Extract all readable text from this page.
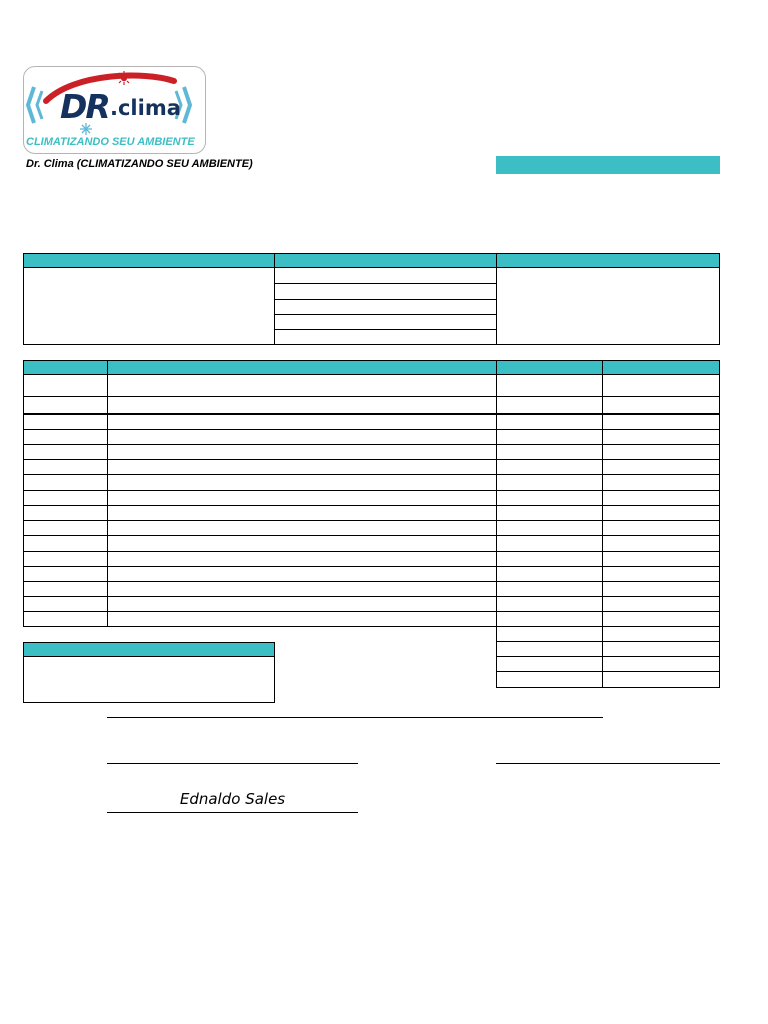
DR .clima
CLIMATIZANDO SEU AMBIENTE
Dr. Clima (CLIMATIZANDO SEU AMBIENTE)
Ednaldo Sales
